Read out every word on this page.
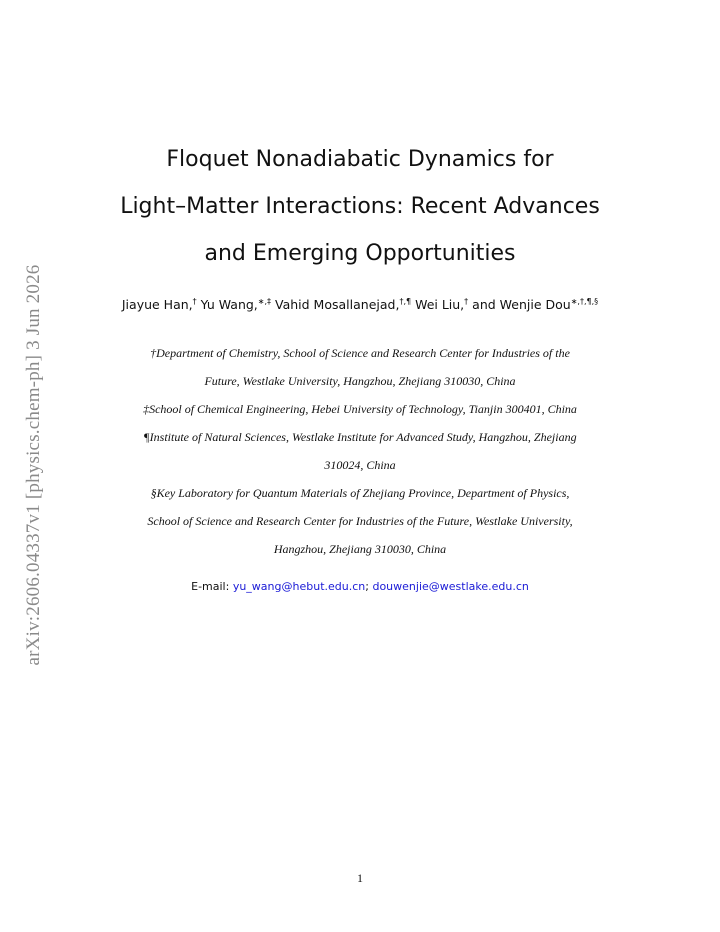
arXiv:2606.04337v1 [physics.chem-ph] 3 Jun 2026
Floquet Nonadiabatic Dynamics for
Light–Matter Interactions: Recent Advances
and Emerging Opportunities
Jiayue Han,† Yu Wang,∗,‡ Vahid Mosallanejad,†,¶ Wei Liu,† and Wenjie Dou∗,†,¶,§
†Department of Chemistry, School of Science and Research Center for Industries of the
Future, Westlake University, Hangzhou, Zhejiang 310030, China
‡School of Chemical Engineering, Hebei University of Technology, Tianjin 300401, China
¶Institute of Natural Sciences, Westlake Institute for Advanced Study, Hangzhou, Zhejiang
310024, China
§Key Laboratory for Quantum Materials of Zhejiang Province, Department of Physics,
School of Science and Research Center for Industries of the Future, Westlake University,
Hangzhou, Zhejiang 310030, China
E-mail: yu_wang@hebut.edu.cn; douwenjie@westlake.edu.cn
1
